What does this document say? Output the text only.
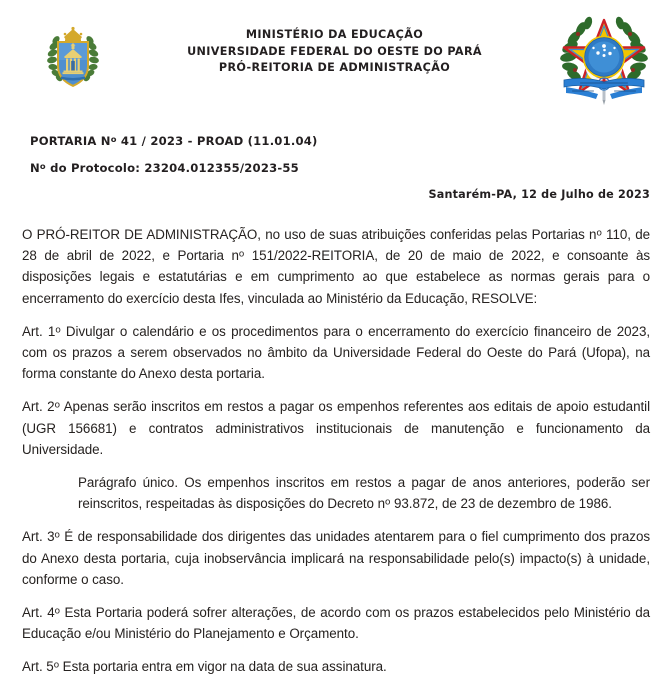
MINISTÉRIO DA EDUCAÇÃO
UNIVERSIDADE FEDERAL DO OESTE DO PARÁ
PRÓ-REITORIA DE ADMINISTRAÇÃO
PORTARIA $N^o$ 41 / 2023 - PROAD (11.01.04)
$N^o$ do Protocolo: 23204.012355/2023-55
Santarém-PA, 12 de Julho de 2023

O PRÓ-REITOR DE ADMINISTRAÇÃO, no uso de suas atribuições conferidas pelas Portarias $n^o$ 110, de 28 de abril de 2022, e Portaria $n^o$ 151/2022-REITORIA, de 20 de maio de 2022, e consoante às disposições legais e estatutárias e em cumprimento ao que estabelece as normas gerais para o encerramento do exercício desta Ifes, vinculada ao Ministério da Educação, RESOLVE:

Art. 1$^o$ Divulgar o calendário e os procedimentos para o encerramento do exercício financeiro de 2023, com os prazos a serem observados no âmbito da Universidade Federal do Oeste do Pará (Ufopa), na forma constante do Anexo desta portaria.

Art. 2$^o$ Apenas serão inscritos em restos a pagar os empenhos referentes aos editais de apoio estudantil (UGR 156681) e contratos administrativos institucionais de manutenção e funcionamento da Universidade.

Parágrafo único. Os empenhos inscritos em restos a pagar de anos anteriores, poderão ser reinscritos, respeitadas às disposições do Decreto $n^o$ 93.872, de 23 de dezembro de 1986.

Art. 3$^o$ É de responsabilidade dos dirigentes das unidades atentarem para o fiel cumprimento dos prazos do Anexo desta portaria, cuja inobservância implicará na responsabilidade pelo(s) impacto(s) à unidade, conforme o caso.

Art. 4$^o$ Esta Portaria poderá sofrer alterações, de acordo com os prazos estabelecidos pelo Ministério da Educação e/ou Ministério do Planejamento e Orçamento.

Art. 5$^o$ Esta portaria entra em vigor na data de sua assinatura.
